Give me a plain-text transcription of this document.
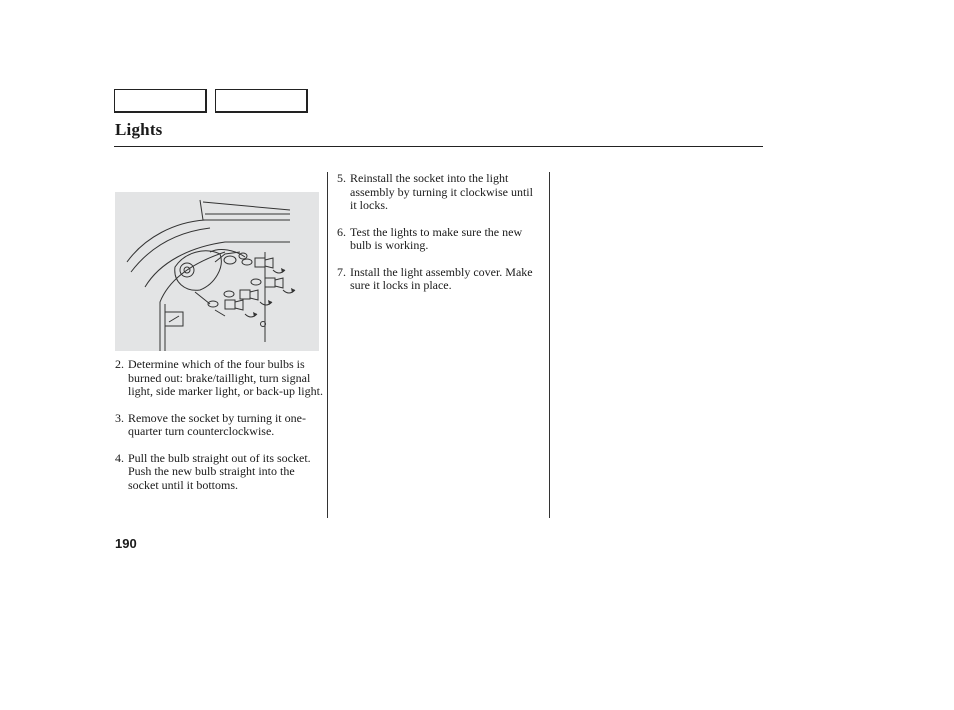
Lights
2. Determine which of the four bulbs is burned out: brake/taillight, turn signal light, side marker light, or back-up light.
3. Remove the socket by turning it one-quarter turn counterclockwise.
4. Pull the bulb straight out of its socket. Push the new bulb straight into the socket until it bottoms.
5. Reinstall the socket into the light assembly by turning it clockwise until it locks.
6. Test the lights to make sure the new bulb is working.
7. Install the light assembly cover. Make sure it locks in place.
190
